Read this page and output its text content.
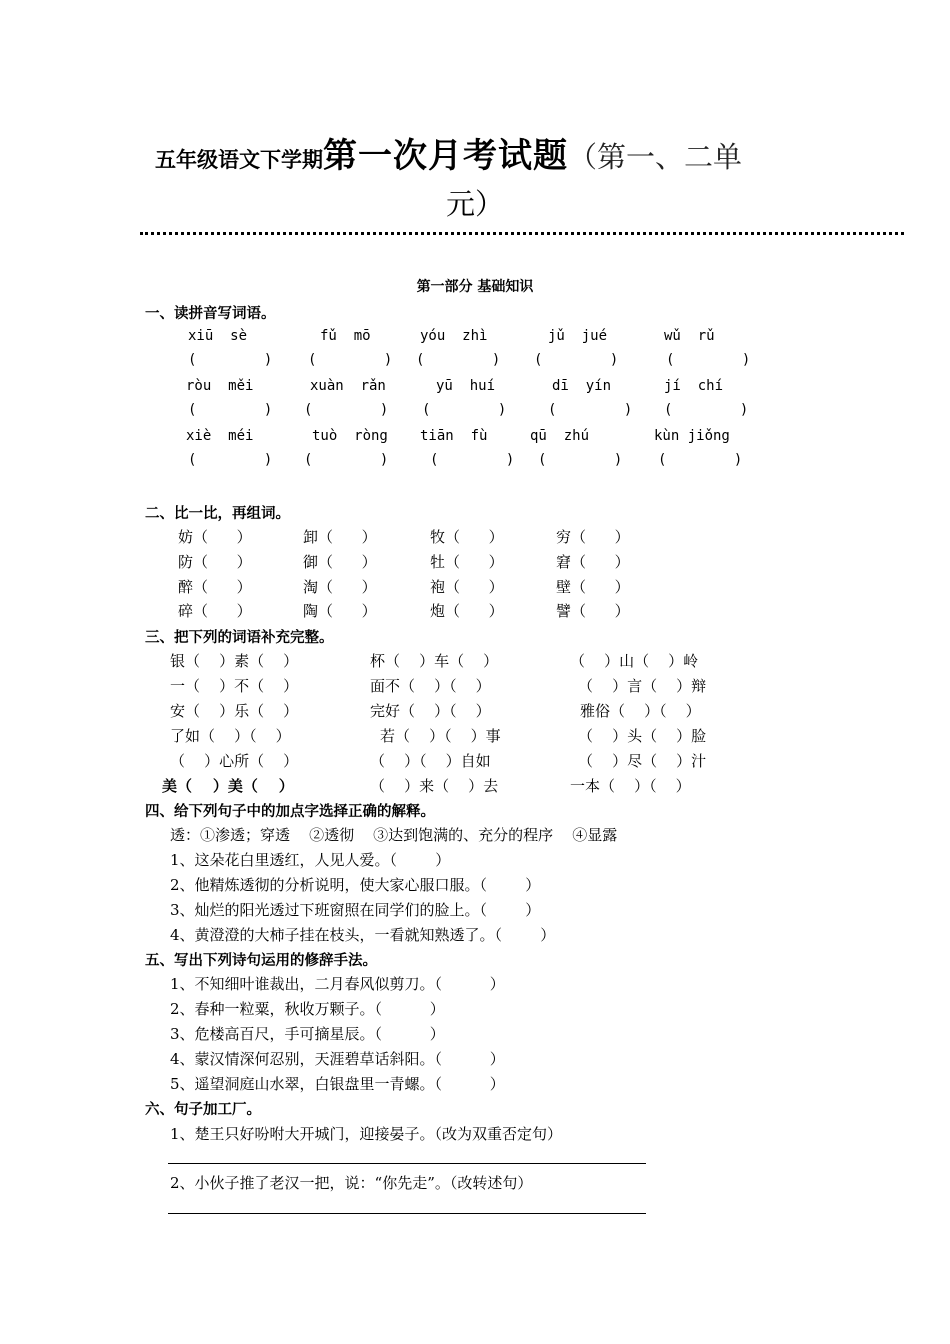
五年级语文下学期第一次月考试题（第一、二单
元）
第一部分 基础知识
一、读拼音写词语。
xiū  sè	fǔ  mō	yóu  zhì	jǔ  jué	wǔ  rǔ
(        )	(        ) (        ) (        )	(        )
ròu  měi	xuàn  rǎn	yū  huí	dī  yín	jí  chí
(        ) (        ) (        )	(        ) (        )
xiè  méi	tuò  ròng tiān  fù	qū  zhú	kùn jiǒng
(        ) (        )	(        ) (        )	(        )
二、比一比，再组词。
妨（      ）	卸（      ）	牧（      ）	穷（      ）
防（      ）	御（      ）	牡（      ）	窘（      ）
醉（      ）	淘（      ）	袍（      ）	壁（      ）
碎（      ）	陶（      ）	炮（      ）	譬（      ）
三、把下列的词语补充完整。
银（    ）素（    ）	杯（    ）车（    ）	（    ）山（    ）岭
一（    ）不（    ）	面不（    ）（    ）	（    ）言（    ）辩
安（    ）乐（    ）	完好（    ）（    ）	雅俗（    ）（    ）
了如（    ）（    ）	若（    ）（    ）事	（    ）头（    ）脸
（    ）心所（    ）	（    ）（    ）自如	（    ）尽（    ）汁
美（    ）美（    ）	（    ）来（    ）去	一本（    ）（    ）
四、给下列句子中的加点字选择正确的解释。
透：①渗透；穿透    ②透彻    ③达到饱满的、充分的程序    ④显露
1、这朵花白里透红，人见人爱。（        ）
2、他精炼透彻的分析说明，使大家心服口服。（        ）
3、灿烂的阳光透过下班窗照在同学们的脸上。（        ）
4、黄澄澄的大柿子挂在枝头，一看就知熟透了。（        ）
五、写出下列诗句运用的修辞手法。
1、不知细叶谁裁出，二月春风似剪刀。（          ）
2、春种一粒粟，秋收万颗子。（          ）
3、危楼高百尺，手可摘星辰。（          ）
4、蒙汉情深何忍别，天涯碧草话斜阳。（          ）
5、遥望洞庭山水翠，白银盘里一青螺。（          ）
六、句子加工厂。
1、楚王只好吩咐大开城门，迎接晏子。（改为双重否定句）
2、小伙子推了老汉一把，说：“你先走”。（改转述句）
